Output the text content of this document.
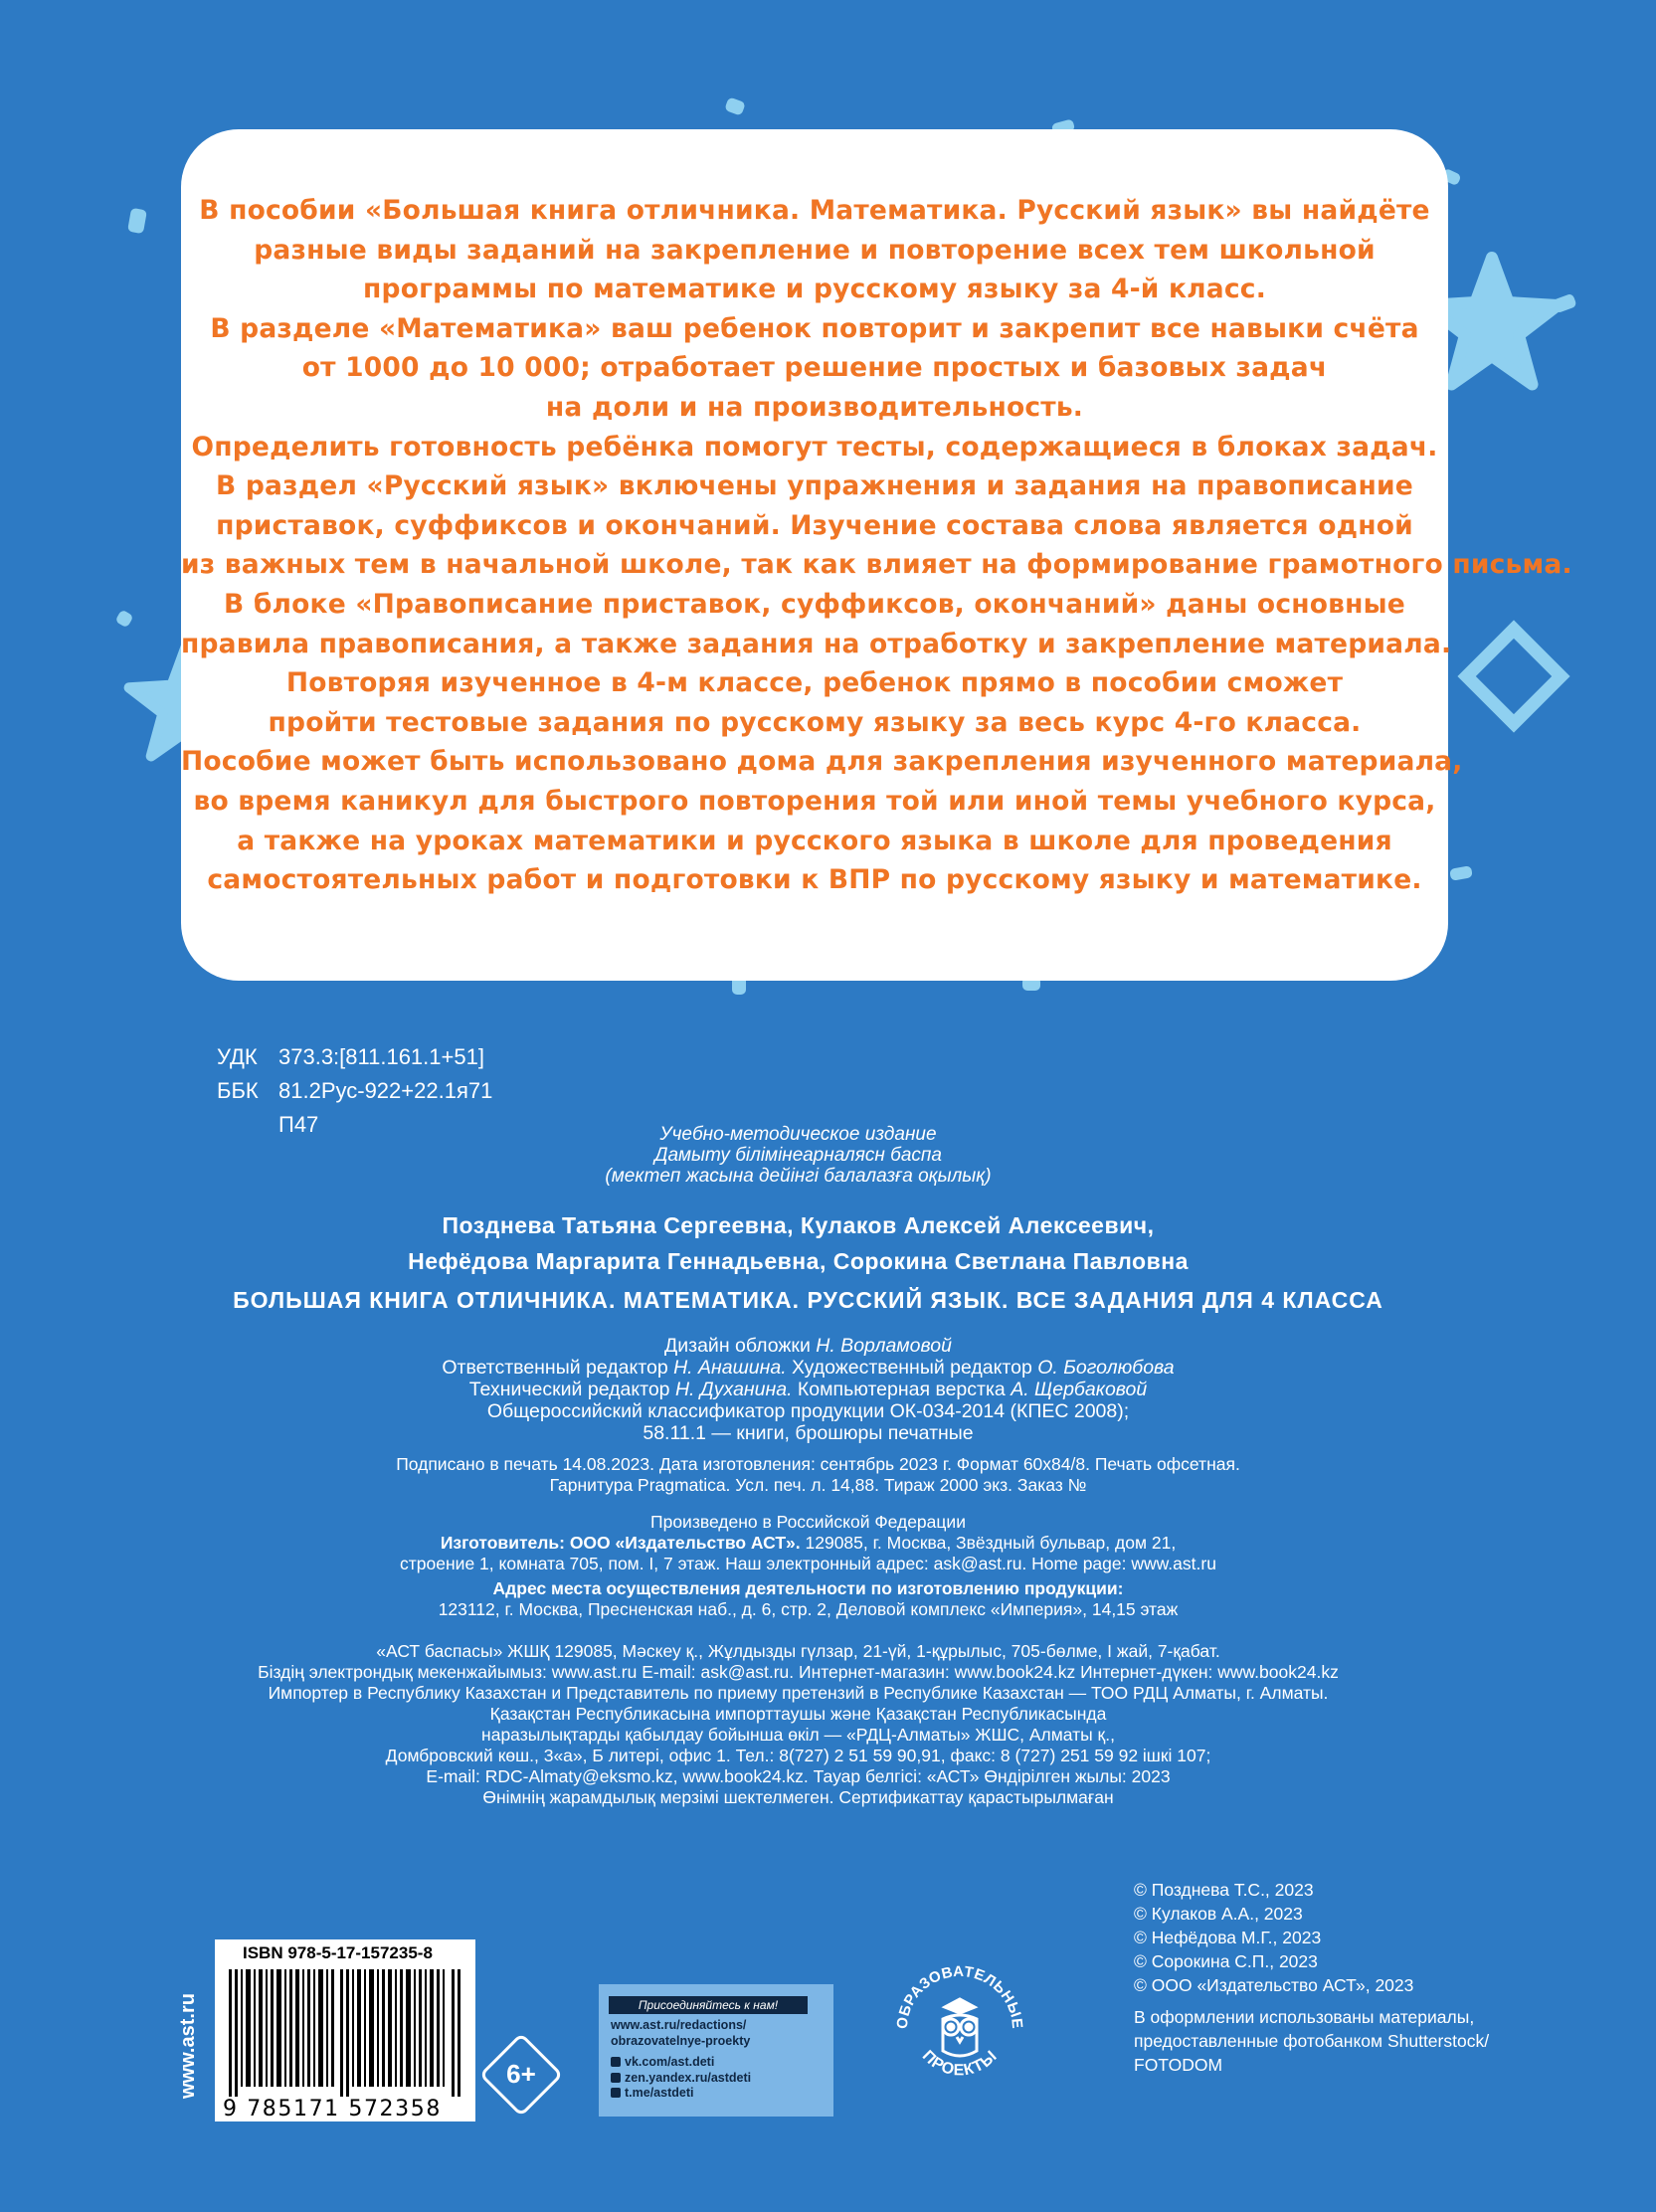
В пособии «Большая книга отличника. Математика. Русский язык» вы найдёте
разные виды заданий на закрепление и повторение всех тем школьной
программы по математике и русскому языку за 4-й класс.
В разделе «Математика» ваш ребенок повторит и закрепит все навыки счёта
от 1000 до 10 000; отработает решение простых и базовых задач
на доли и на производительность.
Определить готовность ребёнка помогут тесты, содержащиеся в блоках задач.
В раздел «Русский язык» включены упражнения и задания на правописание
приставок, суффиксов и окончаний. Изучение состава слова является одной
из важных тем в начальной школе, так как влияет на формирование грамотного письма.
В блоке «Правописание приставок, суффиксов, окончаний» даны основные
правила правописания, а также задания на отработку и закрепление материала.
Повторяя изученное в 4-м классе, ребенок прямо в пособии сможет
пройти тестовые задания по русскому языку за весь курс 4-го класса.
Пособие может быть использовано дома для закрепления изученного материала,
во время каникул для быстрого повторения той или иной темы учебного курса,
а также на уроках математики и русского языка в школе для проведения
самостоятельных работ и подготовки к ВПР по русскому языку и математике.
УДК 373.3:[811.161.1+51]
ББК 81.2Рус-922+22.1я71
П47	Учебно-методическое издание
Дамыту білімінеарналяcн баспа
(мектеп жасына дейінгі балалазға оқылық)
Позднева Татьяна Сергеевна, Кулаков Алексей Алексеевич,
Нефёдова Маргарита Геннадьевна, Сорокина Светлана Павловна
БОЛЬШАЯ КНИГА ОТЛИЧНИКА. МАТЕМАТИКА. РУССКИЙ ЯЗЫК. ВСЕ ЗАДАНИЯ ДЛЯ 4 КЛАССА
Дизайн обложки Н. Ворламовой
Ответственный редактор Н. Анашина. Художественный редактор О. Боголюбова
Технический редактор Н. Духанина. Компьютерная верстка А. Щербаковой
Общероссийский классификатор продукции ОК-034-2014 (КПЕС 2008);
58.11.1 — книги, брошюры печатные
Подписано в печать 14.08.2023. Дата изготовления: сентябрь 2023 г. Формат 60x84/8. Печать офсетная.
Гарнитура Pragmatica. Усл. печ. л. 14,88. Тираж 2000 экз. Заказ №
Произведено в Российской Федерации
Изготовитель: ООО «Издательство АСТ». 129085, г. Москва, Звёздный бульвар, дом 21,
строение 1, комната 705, пом. I, 7 этаж. Наш электронный адрес: ask@ast.ru. Home page: www.ast.ru
Адрес места осуществления деятельности по изготовлению продукции:
123112, г. Москва, Пресненская наб., д. 6, стр. 2, Деловой комплекс «Империя», 14,15 этаж
«АСТ баспасы» ЖШҚ 129085, Мәскеу қ., Жұлдызды гүлзар, 21-үй, 1-құрылыс, 705-бөлме, I жай, 7-қабат.
Біздің электрондық мекенжайымыз: www.ast.ru E-mail: ask@ast.ru. Интернет-магазин: www.book24.kz Интернет-дүкен: www.book24.kz
Импортер в Республику Казахстан и Представитель по приему претензий в Республике Казахстан — ТОО РДЦ Алматы, г. Алматы.
Қазақстан Республикасына импорттаушы және Қазақстан Республикасында
наразылықтарды қабылдау бойынша өкіл — «РДЦ-Алматы» ЖШС, Алматы қ.,
Домбровский көш., 3«а», Б литері, офис 1. Тел.: 8(727) 2 51 59 90,91, факс: 8 (727) 251 59 92 ішкі 107;
E-mail: RDC-Almaty@eksmo.kz, www.book24.kz. Тауар белгісі: «АСТ» Өндірілген жылы: 2023
Өнімнің жарамдылық мерзімі шектелмеген. Сертификаттау қарастырылмаған
© Позднева Т.С., 2023
© Кулаков А.А., 2023
© Нефёдова М.Г., 2023
© Сорокина С.П., 2023
© ООО «Издательство АСТ», 2023
В оформлении использованы материалы,
предоставленные фотобанком Shutterstock/
FOTODOM
www.ast.ru
ISBN 978-5-17-157235-8
9 785171 572358
6+
Присоединяйтесь к нам!
www.ast.ru/redactions/
obrazovatelnye-proekty
vk.com/ast.deti
zen.yandex.ru/astdeti
t.me/astdeti
ОБРАЗОВАТЕЛЬНЫЕ
ПРОЕКТЫ
